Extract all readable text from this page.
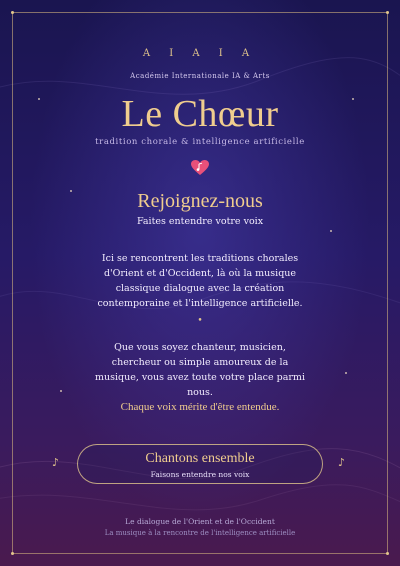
A I A I A
Académie Internationale IA & Arts
Le Chœur
tradition chorale & intelligence artificielle
Rejoignez-nous
Faites entendre votre voix
Ici se rencontrent les traditions chorales d'Orient et d'Occident, là où la musique classique dialogue avec la création contemporaine et l'intelligence artificielle.
•
Que vous soyez chanteur, musicien, chercheur ou simple amoureux de la musique, vous avez toute votre place parmi nous.
Chaque voix mérite d'être entendue.
♪	♪
Chantons ensemble
Faisons entendre nos voix
Le dialogue de l'Orient et de l'Occident
La musique à la rencontre de l'intelligence artificielle
